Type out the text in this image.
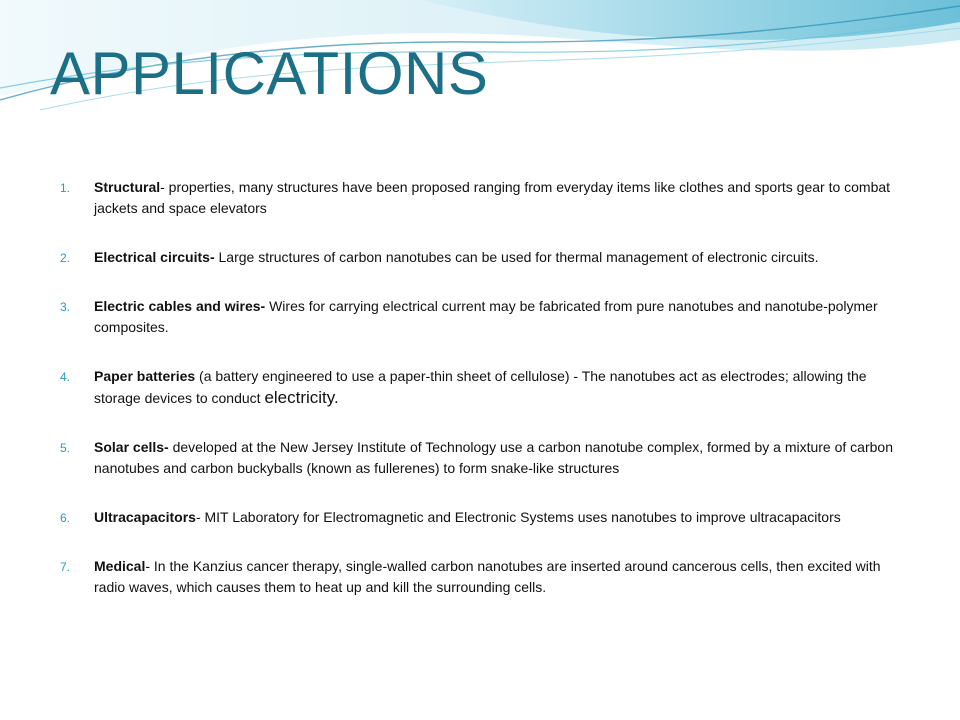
APPLICATIONS
1. Structural- properties, many structures have been proposed ranging from everyday items like clothes and sports gear to combat jackets and space elevators
2. Electrical circuits- Large structures of carbon nanotubes can be used for thermal management of electronic circuits.
3. Electric cables and wires- Wires for carrying electrical current may be fabricated from pure nanotubes and nanotube-polymer composites.
4. Paper batteries (a battery engineered to use a paper-thin sheet of cellulose) - The nanotubes act as electrodes; allowing the storage devices to conduct electricity.
5. Solar cells- developed at the New Jersey Institute of Technology use a carbon nanotube complex, formed by a mixture of carbon nanotubes and carbon buckyballs (known as fullerenes) to form snake-like structures
6. Ultracapacitors- MIT Laboratory for Electromagnetic and Electronic Systems uses nanotubes to improve ultracapacitors
7. Medical- In the Kanzius cancer therapy, single-walled carbon nanotubes are inserted around cancerous cells, then excited with radio waves, which causes them to heat up and kill the surrounding cells.
